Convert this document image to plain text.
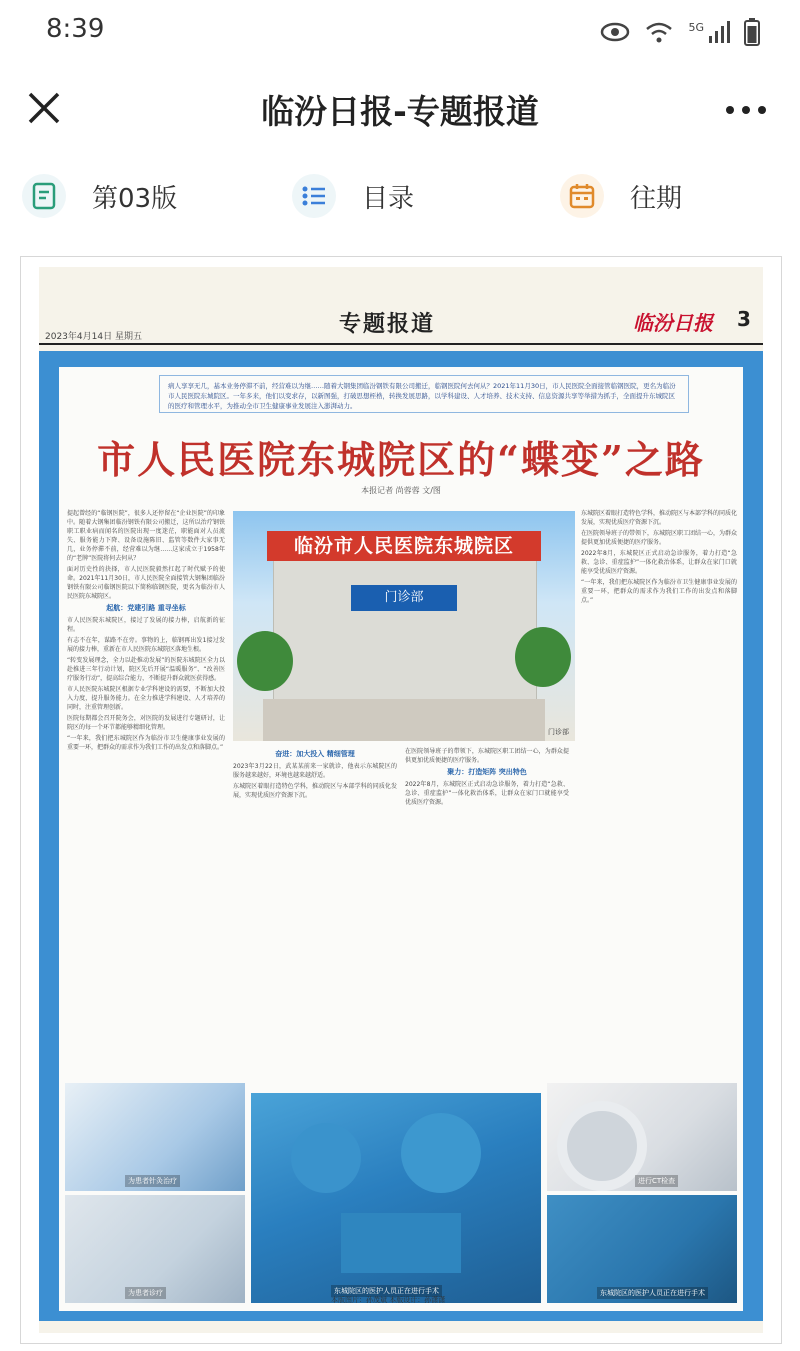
8:39	5G
临汾日报-专题报道
第03版	目录	往期
2023年4月14日 星期五	专题报道	临汾日报 3
病人享享无几，基本业务停滞不前，经营难以为继……随着大钢集团临汾钢铁有限公司搬迁，临钢医院何去何从？2021年11月30日，市人民医院全面接管临钢医院，更名为临汾市人民医院东城院区。一年多来，他们以变求存，以新图强，打破思想桎梏，转换发展思路，以学科建设、人才培养、技术支持、信息资源共享等举措为抓手，全面提升东城院区的医疗和管理水平，为推动全市卫生健康事业发展注入澎湃动力。
市人民医院东城院区的“蝶变”之路
本报记者 尚蓉蓉 文/图

提起曾经的“临钢医院”，很多人还停留在“企业医院”的印象中。随着大钢集团临汾钢铁有限公司搬迁，这所以治疗钢铁职工职业病而闻名的医院出现一度迷茫，职能面对人员流失、服务能力下降、设备设施陈旧、监管等数件大家事无几，业务停滞不前，经营难以为继……这家成立于1958年的“老牌”医院将何去何从？

面对历史性的抉择，市人民医院毅然扛起了时代赋予的使命。2021年11月30日，市人民医院全面接管大钢集团临汾钢铁有限公司临钢医院以下简称临钢医院，更名为临汾市人民医院东城院区。

起航：党建引路 重寻坐标

市人民医院东城院区，接过了发展的接力棒，启航新的征程。

有志不在年，谋路不在旁。事物的上，临钢再出发1接过发展的接力棒，重新在市人民医院东城院区落地生根。

“转变发展理念，全力以赴推动发展”的医院东城院区全力以赴推进三年行动计划，院区先后开展“温暖服务”、“改善医疗服务行动”，提高综合能力，不断提升群众就医获得感。

市人民医院东城院区根据专业学科建设的需要，不断加大投入力度，提升服务能力。在全力推进学科建设、人才培养的同时，注重管理创新。

医院每期都会召开院务会，对医院的发展进行专题研讨，让院区的每一个环节都能够精细化管理。

“一年来，我们把东城院区作为临汾市卫生健康事业发展的重要一环，把群众的需求作为我们工作的出发点和落脚点。”

临汾市人民医院东城院区
门诊部
门诊部
奋进：加大投入 精细管理

2023年3月22日，武某某前来一家就诊，他表示东城院区的服务越来越好，环境也越来越舒适。

东城院区着眼打造特色学科，推动院区与本部学科的同质化发展，实现优质医疗资源下沉。

在医院领导班子的带领下，东城院区职工团结一心，为群众提供更加优质便捷的医疗服务。

聚力：打造矩阵 突出特色

2022年8月，东城院区正式启动急诊服务，着力打造“急救、急诊、重症监护”一体化救治体系，让群众在家门口就能享受优质医疗资源。

东城院区着眼打造特色学科，推动院区与本部学科的同质化发展，实现优质医疗资源下沉。

在医院领导班子的带领下，东城院区职工团结一心，为群众提供更加优质便捷的医疗服务。

2022年8月，东城院区正式启动急诊服务，着力打造“急救、急诊、重症监护”一体化救治体系，让群众在家门口就能享受优质医疗资源。

“一年来，我们把东城院区作为临汾市卫生健康事业发展的重要一环，把群众的需求作为我们工作的出发点和落脚点。”

为患者针灸治疗
东城院区的医护人员正在进行手术
进行CT检查
为患者诊疗	东城院区的医护人员正在进行手术
本版图片：孙茂斌 本版设计：孙潇潇
